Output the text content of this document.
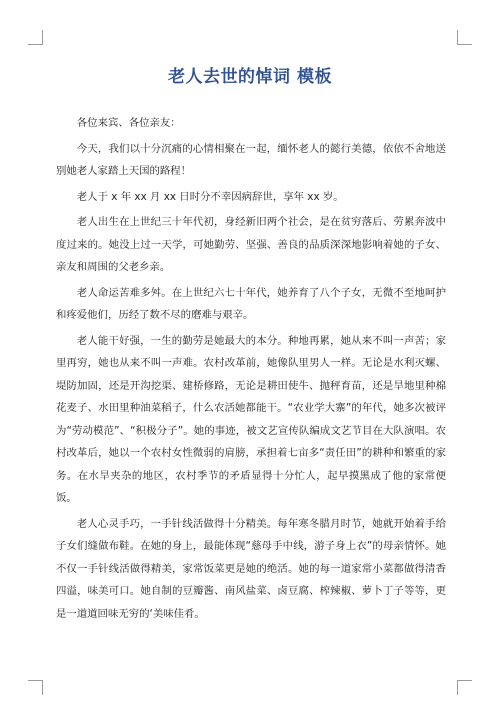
老人去世的悼词 模板

各位来宾、各位亲友：

今天，我们以十分沉痛的心情相聚在一起，缅怀老人的懿行美德，依依不舍地送别她老人家踏上天国的路程！

老人于 x 年 xx 月 xx 日时分不幸因病辞世，享年 xx 岁。

老人出生在上世纪三十年代初，身经新旧两个社会，是在贫穷落后、劳累奔波中度过来的。她没上过一天学，可她勤劳、坚强、善良的品质深深地影响着她的子女、亲友和周围的父老乡亲。

老人命运苦难多舛。在上世纪六七十年代，她养育了八个子女，无微不至地呵护和疼爱他们，历经了数不尽的磨难与艰辛。

老人能干好强，一生的勤劳是她最大的本分。种地再累，她从来不叫一声苦；家里再穷，她也从来不叫一声难。农村改革前，她像队里男人一样。无论是水利灭螺、堤防加固，还是开沟挖渠、建桥修路，无论是耕田使牛、抛秤育苗，还是旱地里种棉花麦子、水田里种油菜稻子，什么农活她都能干。“农业学大寨”的年代，她多次被评为“劳动模范”、“积极分子”。她的事迹，被文艺宣传队编成文艺节目在大队演唱。农村改革后，她以一个农村女性微弱的肩膀，承担着七亩多“责任田”的耕种和繁重的家务。在水旱夹杂的地区，农村季节的矛盾显得十分忙人，起早摸黑成了他的家常便饭。

老人心灵手巧，一手针线活做得十分精美。每年寒冬腊月时节，她就开始着手给子女们缝做布鞋。在她的身上，最能体现“慈母手中线，游子身上衣”的母亲情怀。她不仅一手针线活做得精美，家常饭菜更是她的绝活。她的每一道家常小菜都做得清香四溢，味美可口。她自制的豆瓣酱、南风盐菜、卤豆腐、榨辣椒、萝卜丁子等等，更是一道道回味无穷的‘美味佳肴。
